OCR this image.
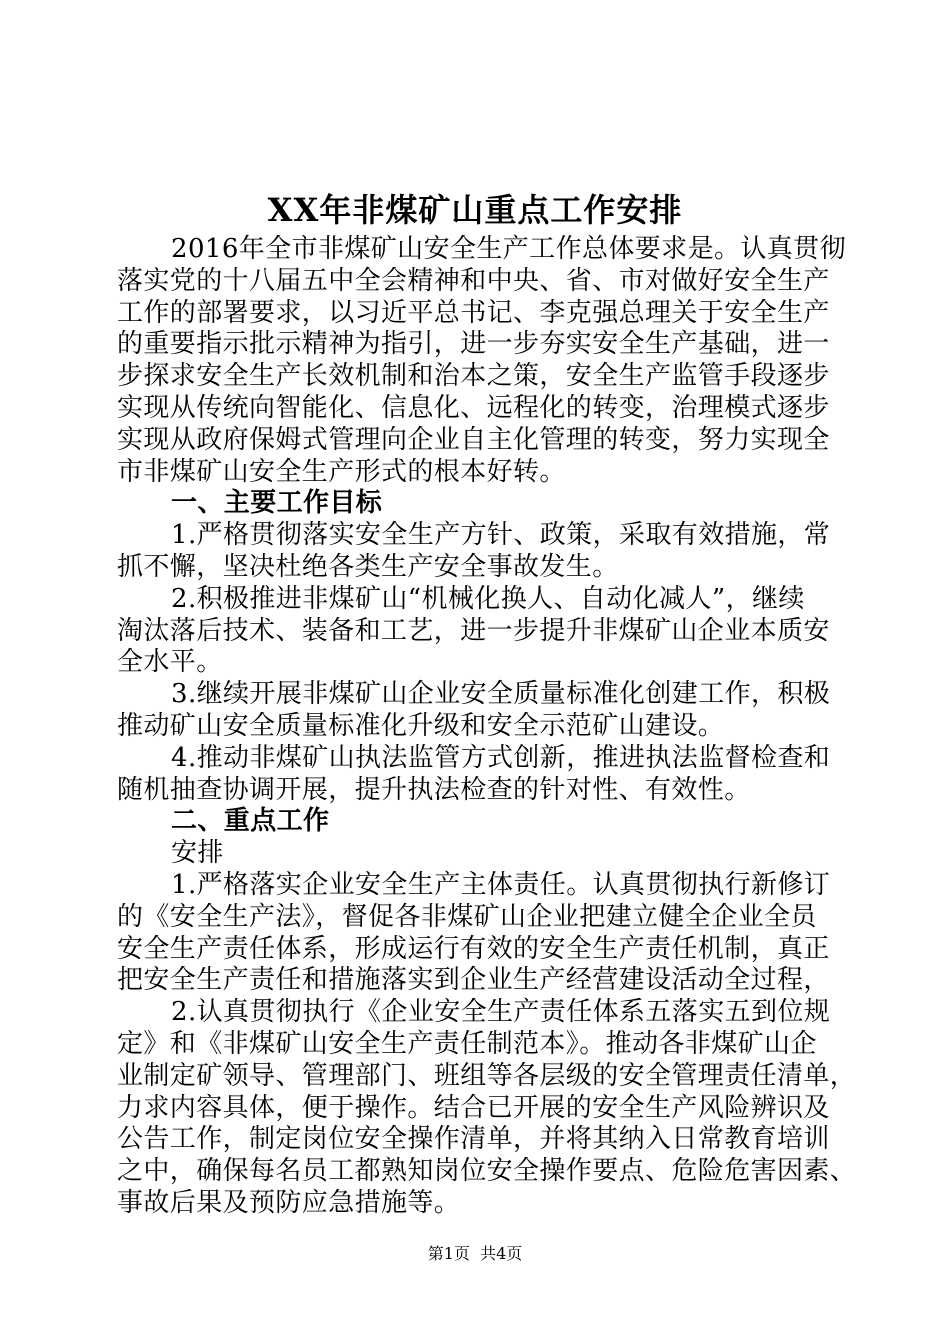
XX年非煤矿山重点工作安排
2016年全市非煤矿山安全生产工作总体要求是。认真贯彻
落实党的十八届五中全会精神和中央、省、市对做好安全生产
工作的部署要求，以习近平总书记、李克强总理关于安全生产
的重要指示批示精神为指引，进一步夯实安全生产基础，进一
步探求安全生产长效机制和治本之策，安全生产监管手段逐步
实现从传统向智能化、信息化、远程化的转变，治理模式逐步
实现从政府保姆式管理向企业自主化管理的转变，努力实现全
市非煤矿山安全生产形式的根本好转。
一、主要工作目标
1.严格贯彻落实安全生产方针、政策，采取有效措施，常
抓不懈，坚决杜绝各类生产安全事故发生。
2.积极推进非煤矿山“机械化换人、自动化减人”，继续
淘汰落后技术、装备和工艺，进一步提升非煤矿山企业本质安
全水平。
3.继续开展非煤矿山企业安全质量标准化创建工作，积极
推动矿山安全质量标准化升级和安全示范矿山建设。
4.推动非煤矿山执法监管方式创新，推进执法监督检查和
随机抽查协调开展，提升执法检查的针对性、有效性。
二、重点工作
安排
1.严格落实企业安全生产主体责任。认真贯彻执行新修订
的《安全生产法》，督促各非煤矿山企业把建立健全企业全员
安全生产责任体系，形成运行有效的安全生产责任机制，真正
把安全生产责任和措施落实到企业生产经营建设活动全过程，
2.认真贯彻执行《企业安全生产责任体系五落实五到位规
定》和《非煤矿山安全生产责任制范本》。推动各非煤矿山企
业制定矿领导、管理部门、班组等各层级的安全管理责任清单，
力求内容具体，便于操作。结合已开展的安全生产风险辨识及
公告工作，制定岗位安全操作清单，并将其纳入日常教育培训
之中，确保每名员工都熟知岗位安全操作要点、危险危害因素、
事故后果及预防应急措施等。
第1页  共4页
